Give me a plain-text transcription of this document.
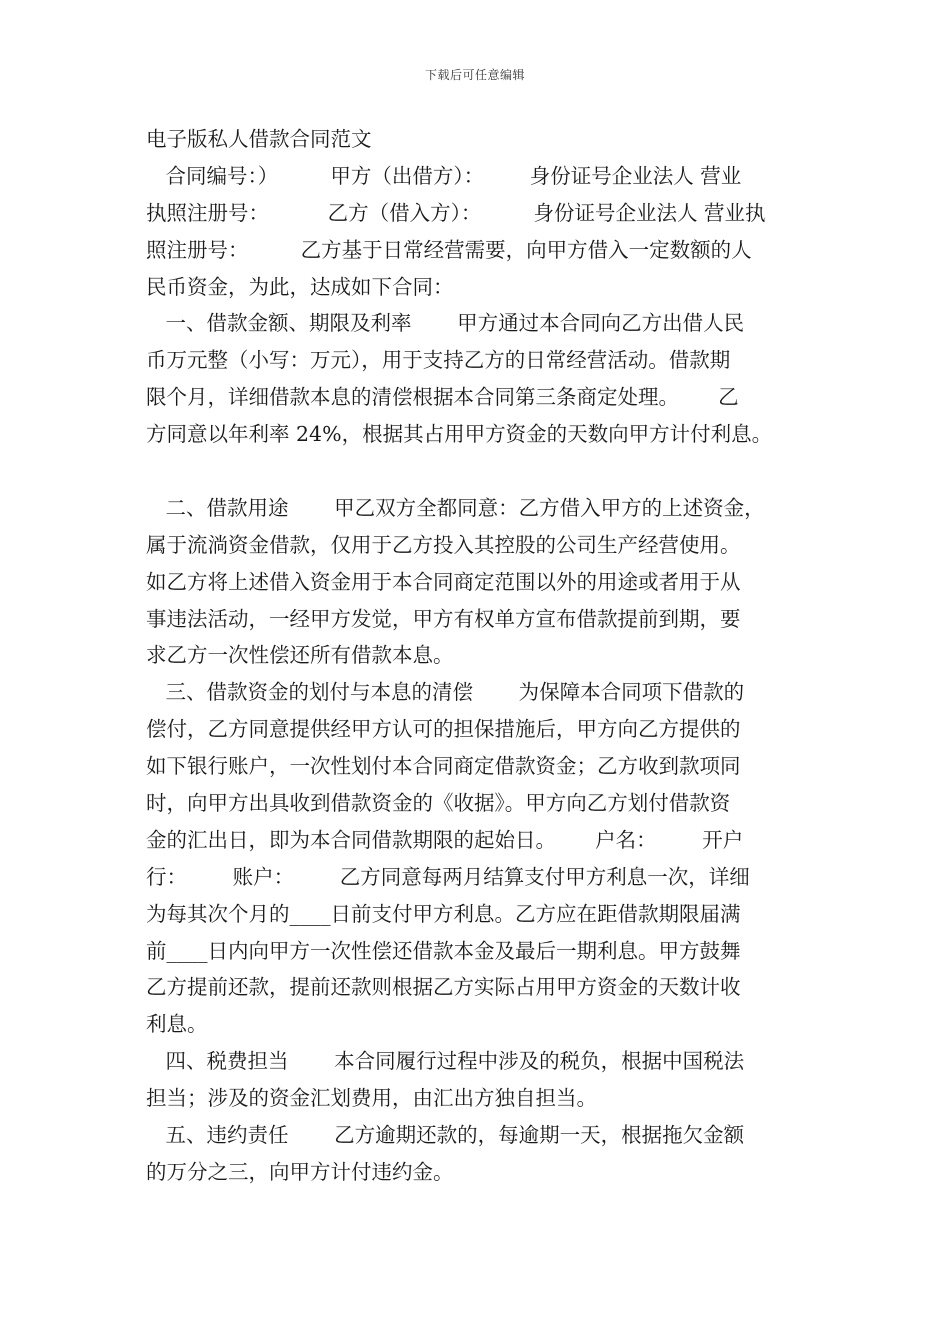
下载后可任意编辑
电子版私人借款合同范文
合同编号：）        甲方（出借方）：       身份证号企业法人 营业
执照注册号：         乙方（借入方）：        身份证号企业法人 营业执
照注册号：        乙方基于日常经营需要，向甲方借入一定数额的人
民币资金，为此，达成如下合同：
一、借款金额、期限及利率       甲方通过本合同向乙方出借人民
币万元整（小写：万元），用于支持乙方的日常经营活动。借款期
限个月，详细借款本息的清偿根据本合同第三条商定处理。      乙
方同意以年利率 24%，根据其占用甲方资金的天数向甲方计付利息。
二、借款用途       甲乙双方全都同意：乙方借入甲方的上述资金，
属于流淌资金借款，仅用于乙方投入其控股的公司生产经营使用。
如乙方将上述借入资金用于本合同商定范围以外的用途或者用于从
事违法活动，一经甲方发觉，甲方有权单方宣布借款提前到期，要
求乙方一次性偿还所有借款本息。
三、借款资金的划付与本息的清偿       为保障本合同项下借款的
偿付，乙方同意提供经甲方认可的担保措施后，甲方向乙方提供的
如下银行账户，一次性划付本合同商定借款资金；乙方收到款项同
时，向甲方出具收到借款资金的《收据》。甲方向乙方划付借款资
金的汇出日，即为本合同借款期限的起始日。      户名：       开户
行：       账户：       乙方同意每两月结算支付甲方利息一次，详细
为每其次个月的____日前支付甲方利息。乙方应在距借款期限届满
前____日内向甲方一次性偿还借款本金及最后一期利息。甲方鼓舞
乙方提前还款，提前还款则根据乙方实际占用甲方资金的天数计收
利息。
四、税费担当       本合同履行过程中涉及的税负，根据中国税法
担当；涉及的资金汇划费用，由汇出方独自担当。
五、违约责任       乙方逾期还款的，每逾期一天，根据拖欠金额
的万分之三，向甲方计付违约金。
